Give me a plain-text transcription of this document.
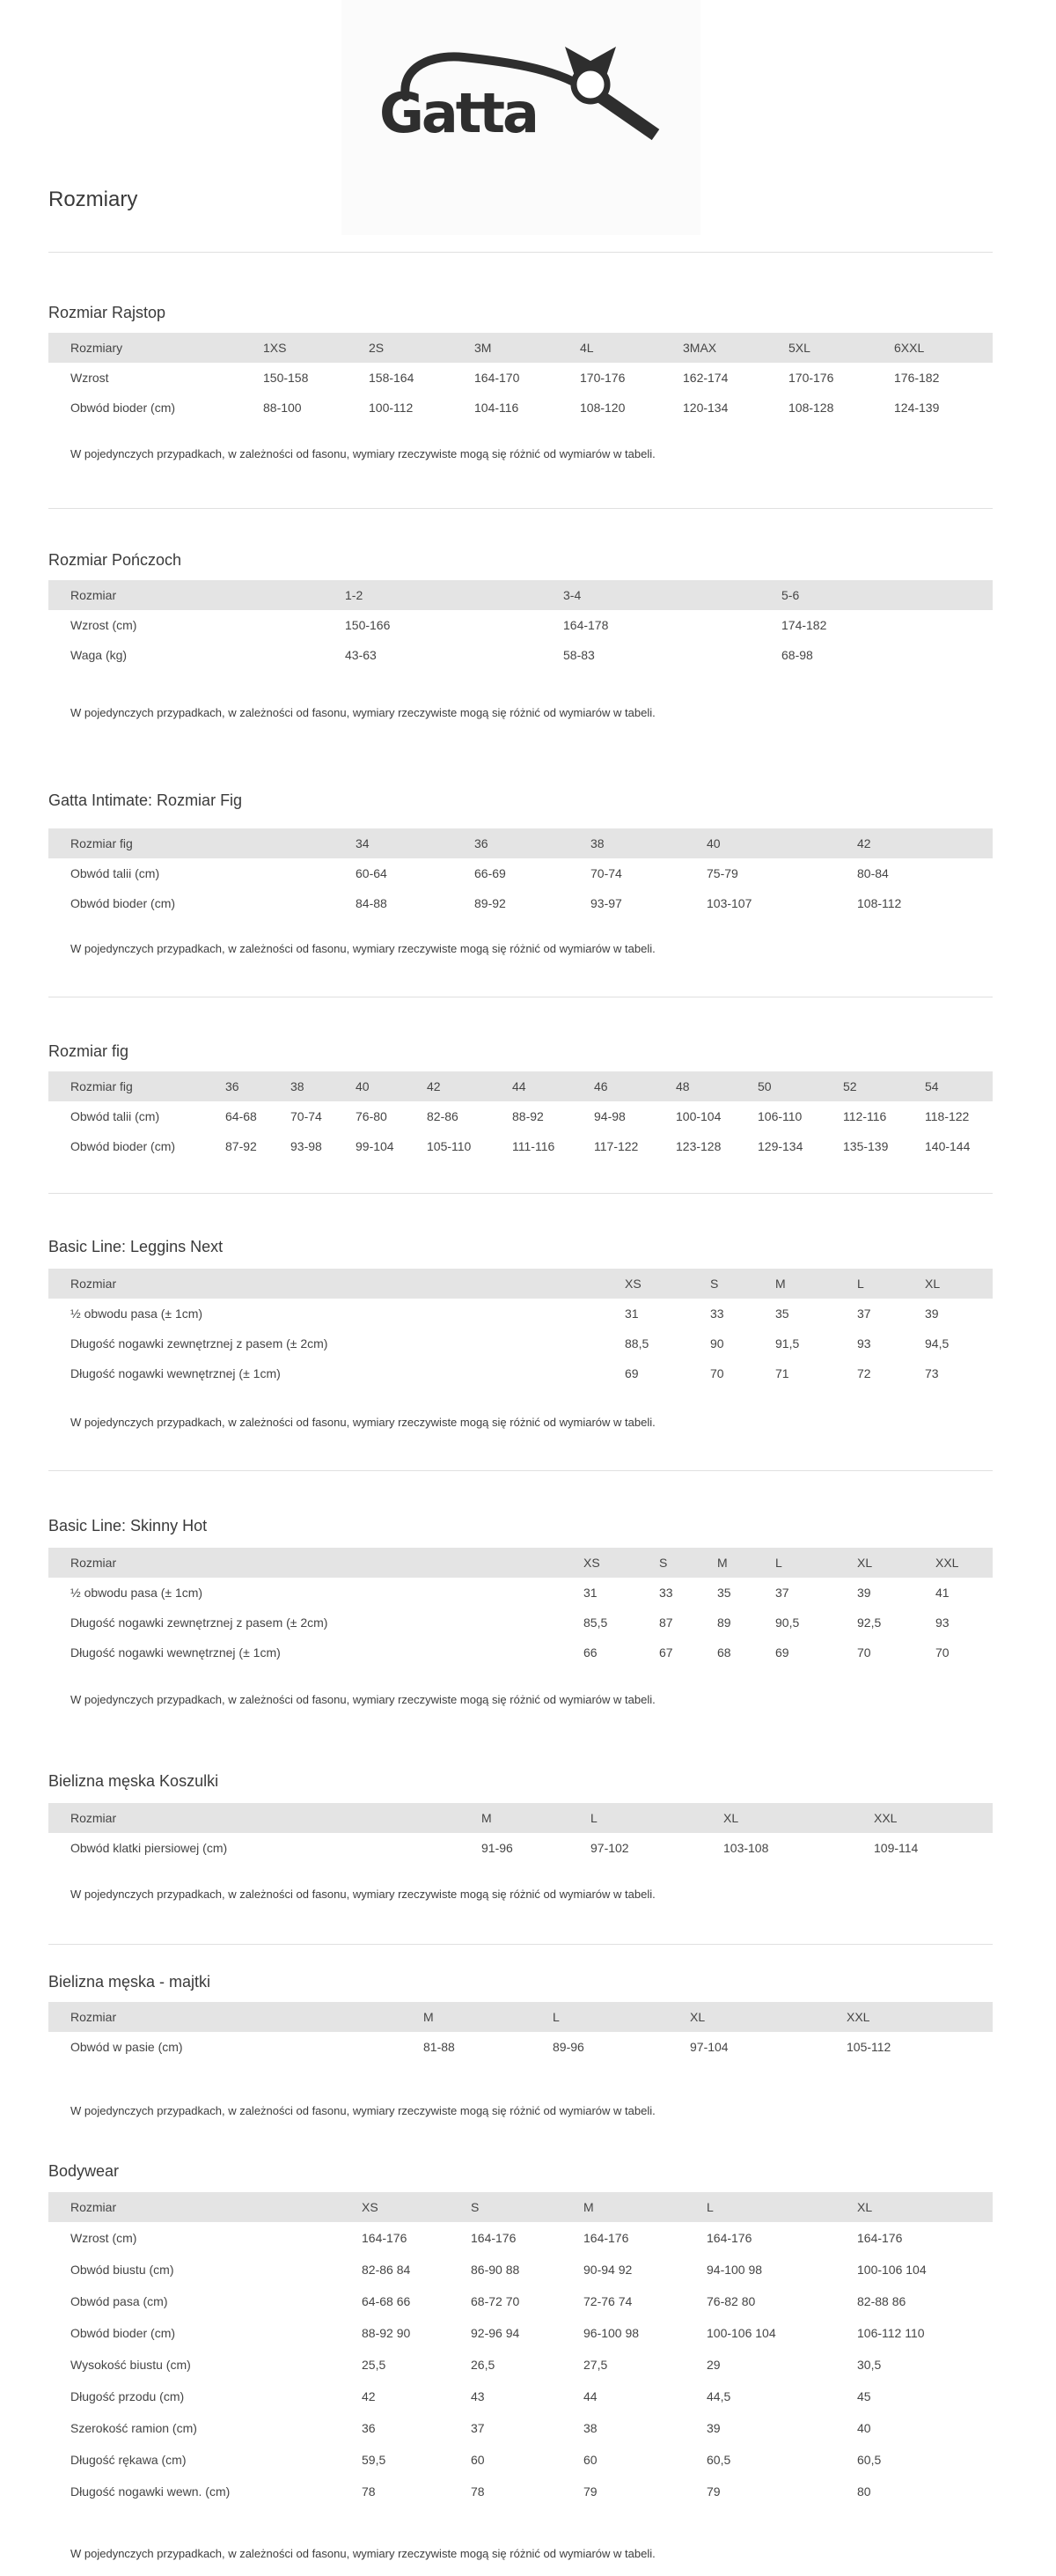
Gatta
Rozmiary
Rozmiar Rajstop
Rozmiary	1XS	2S	3M	4L	3MAX	5XL	6XXL
Wzrost	150-158	158-164	164-170	170-176	162-174	170-176	176-182
Obwód bioder (cm)	88-100	100-112	104-116	108-120	120-134	108-128	124-139

W pojedynczych przypadkach, w zależności od fasonu, wymiary rzeczywiste mogą się różnić od wymiarów w tabeli.

Rozmiar Pończoch
Rozmiar	1-2	3-4	5-6
Wzrost (cm)	150-166	164-178	174-182
Waga (kg)	43-63	58-83	68-98

W pojedynczych przypadkach, w zależności od fasonu, wymiary rzeczywiste mogą się różnić od wymiarów w tabeli.

Gatta Intimate: Rozmiar Fig
Rozmiar fig	34	36	38	40	42
Obwód talii (cm)	60-64	66-69	70-74	75-79	80-84
Obwód bioder (cm)	84-88	89-92	93-97	103-107	108-112

W pojedynczych przypadkach, w zależności od fasonu, wymiary rzeczywiste mogą się różnić od wymiarów w tabeli.

Rozmiar fig
Rozmiar fig	36	38	40	42	44	46	48	50	52	54
Obwód talii (cm)	64-68	70-74	76-80	82-86	88-92	94-98	100-104	106-110	112-116	118-122
Obwód bioder (cm)	87-92	93-98	99-104	105-110	111-116	117-122	123-128	129-134	135-139	140-144
Basic Line: Leggins Next
Rozmiar	XS	S	M	L	XL
½ obwodu pasa (± 1cm)	31	33	35	37	39
Długość nogawki zewnętrznej z pasem (± 2cm)	88,5	90	91,5	93	94,5
Długość nogawki wewnętrznej (± 1cm)	69	70	71	72	73

W pojedynczych przypadkach, w zależności od fasonu, wymiary rzeczywiste mogą się różnić od wymiarów w tabeli.

Basic Line: Skinny Hot
Rozmiar	XS	S	M	L	XL	XXL
½ obwodu pasa (± 1cm)	31	33	35	37	39	41
Długość nogawki zewnętrznej z pasem (± 2cm)	85,5	87	89	90,5	92,5	93
Długość nogawki wewnętrznej (± 1cm)	66	67	68	69	70	70

W pojedynczych przypadkach, w zależności od fasonu, wymiary rzeczywiste mogą się różnić od wymiarów w tabeli.

Bielizna męska Koszulki
Rozmiar	M	L	XL	XXL
Obwód klatki piersiowej (cm)	91-96	97-102	103-108	109-114

W pojedynczych przypadkach, w zależności od fasonu, wymiary rzeczywiste mogą się różnić od wymiarów w tabeli.

Bielizna męska - majtki
Rozmiar	M	L	XL	XXL
Obwód w pasie (cm)	81-88	89-96	97-104	105-112

W pojedynczych przypadkach, w zależności od fasonu, wymiary rzeczywiste mogą się różnić od wymiarów w tabeli.

Bodywear
Rozmiar	XS	S	M	L	XL
Wzrost (cm)	164-176	164-176	164-176	164-176	164-176
Obwód biustu (cm)	82-86 84	86-90 88	90-94 92	94-100 98	100-106 104
Obwód pasa (cm)	64-68 66	68-72 70	72-76 74	76-82 80	82-88 86
Obwód bioder (cm)	88-92 90	92-96 94	96-100 98	100-106 104	106-112 110
Wysokość biustu (cm)	25,5	26,5	27,5	29	30,5
Długość przodu (cm)	42	43	44	44,5	45
Szerokość ramion (cm)	36	37	38	39	40
Długość rękawa (cm)	59,5	60	60	60,5	60,5
Długość nogawki wewn. (cm)	78	78	79	79	80

W pojedynczych przypadkach, w zależności od fasonu, wymiary rzeczywiste mogą się różnić od wymiarów w tabeli.
